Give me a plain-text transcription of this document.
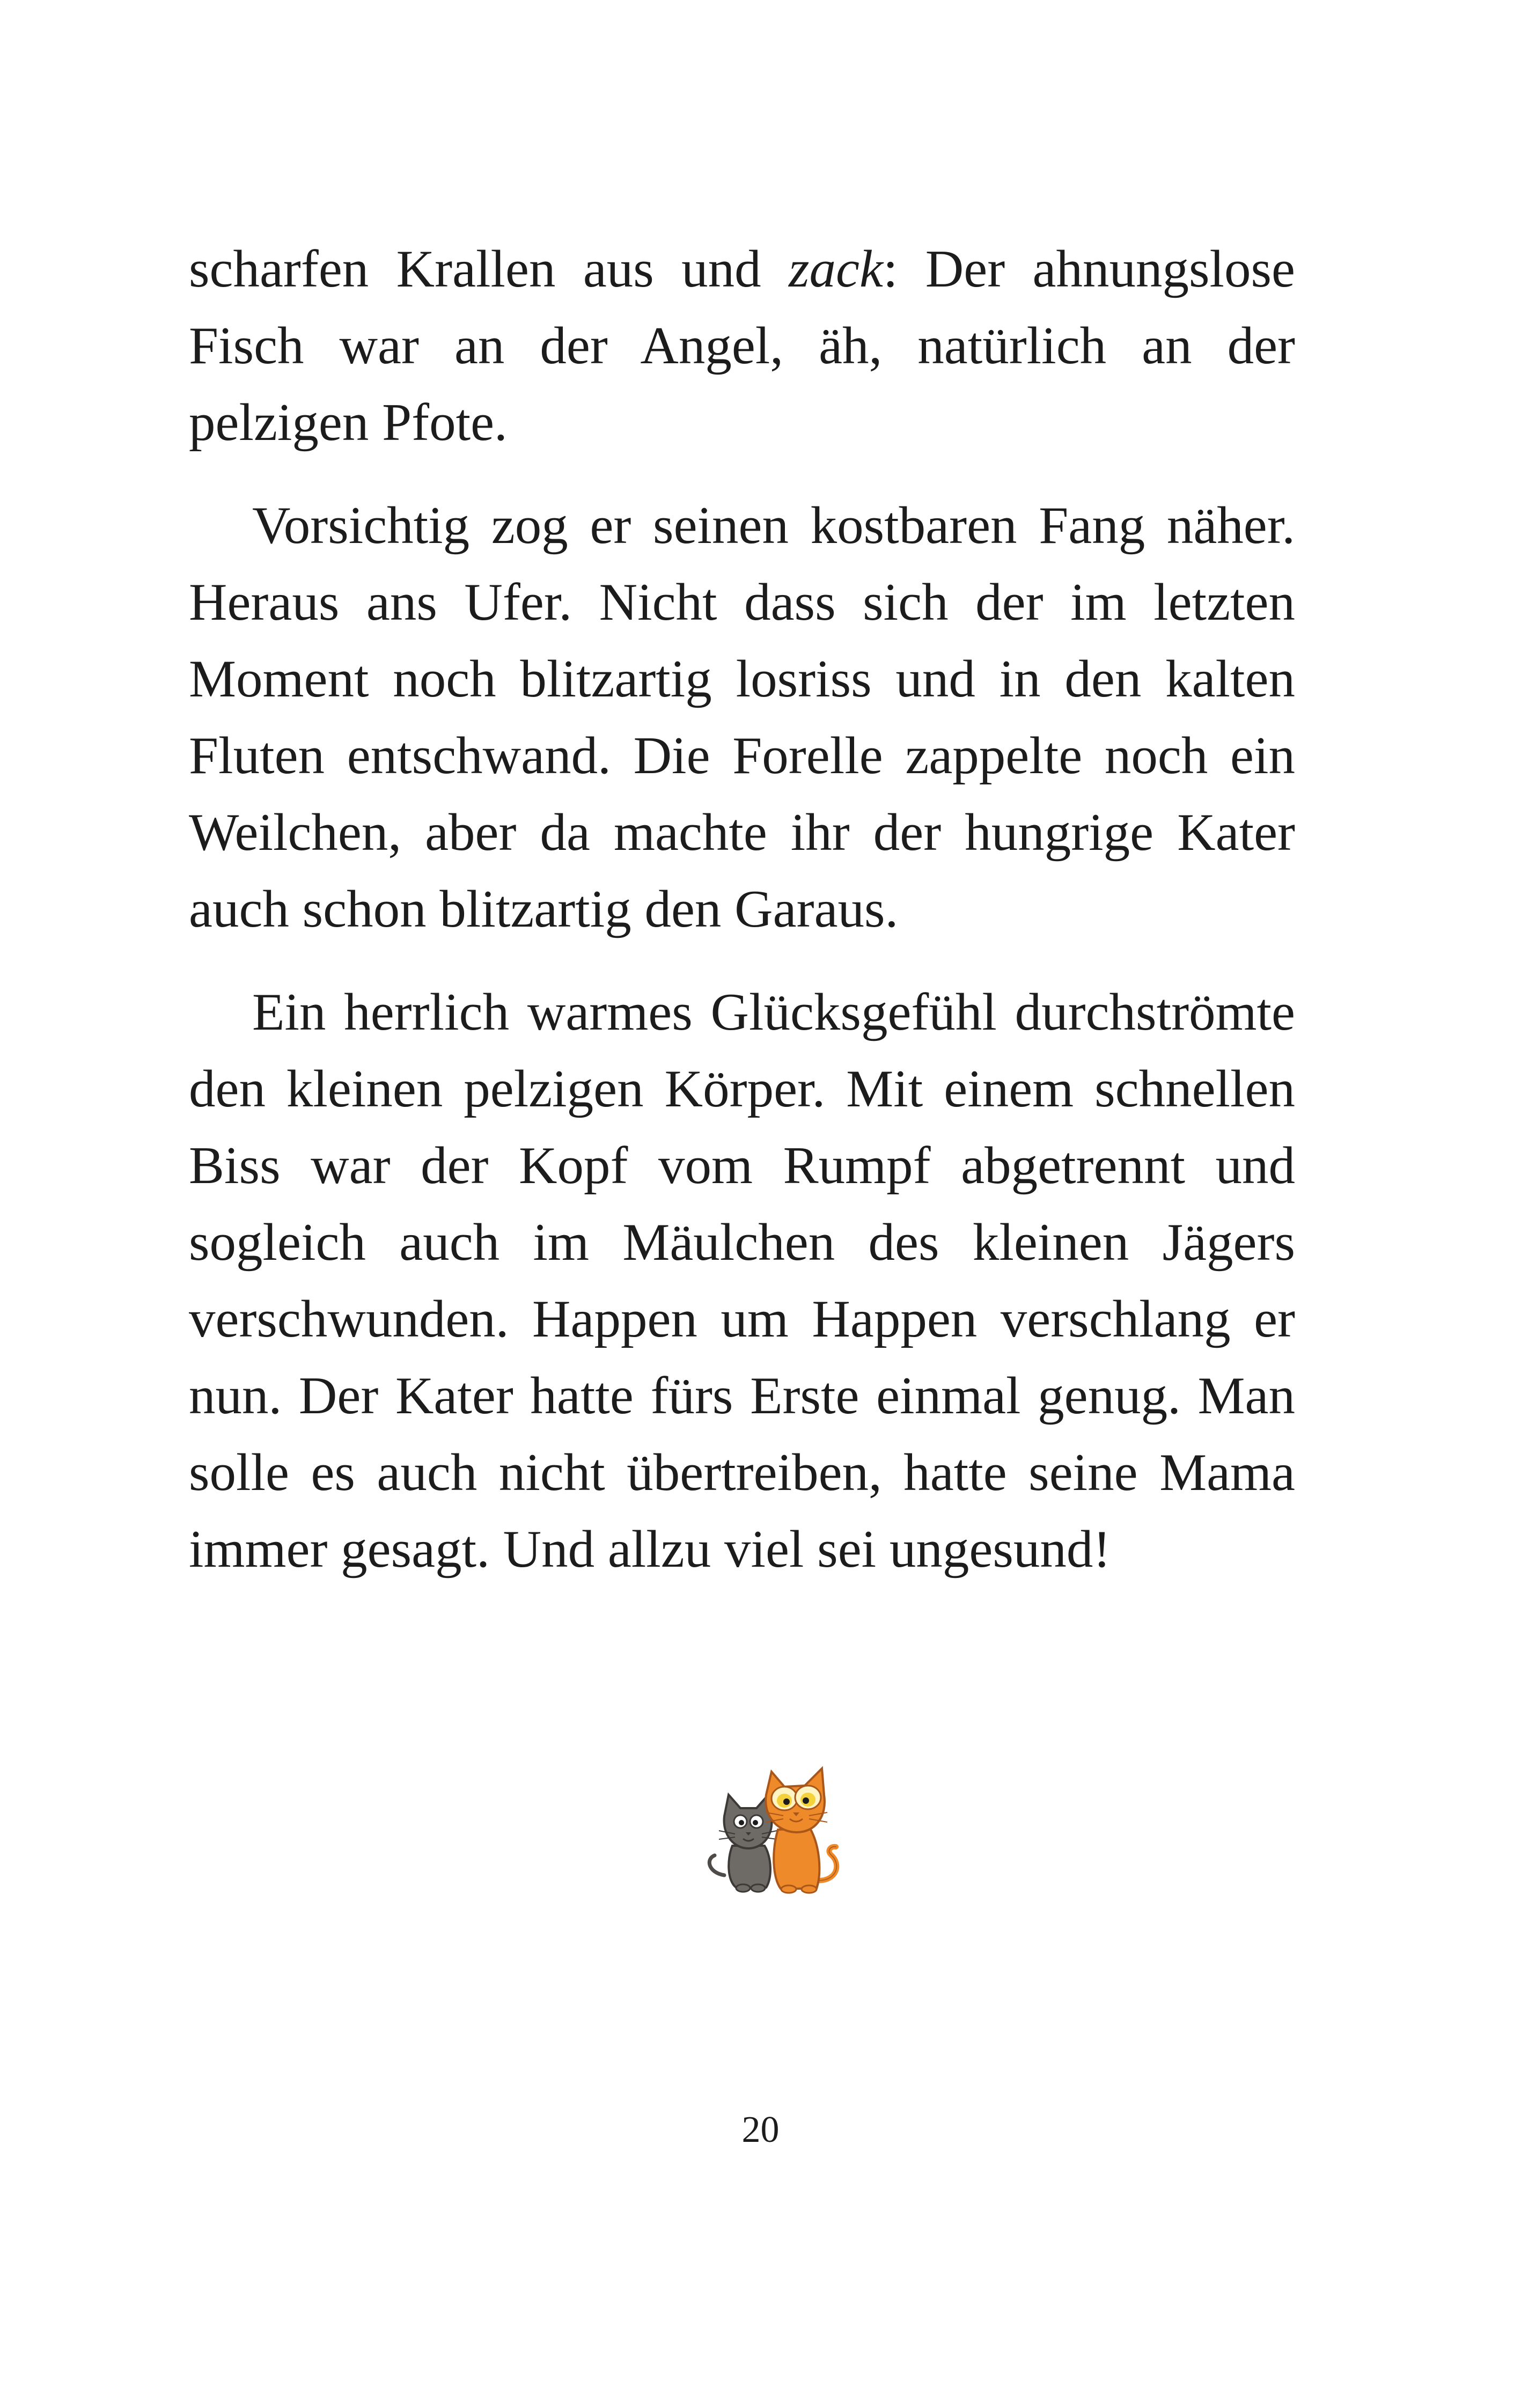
scharfen Krallen aus und zack: Der ahnungslose Fisch war an der Angel, äh, natürlich an der pelzigen Pfote.

Vorsichtig zog er seinen kostbaren Fang näher. Heraus ans Ufer. Nicht dass sich der im letzten Moment noch blitzartig losriss und in den kalten Fluten entschwand. Die Forelle zappelte noch ein Weilchen, aber da machte ihr der hungrige Kater auch schon blitzartig den Garaus.

Ein herrlich warmes Glücksgefühl durchströmte den kleinen pelzigen Körper. Mit einem schnellen Biss war der Kopf vom Rumpf abgetrennt und sogleich auch im Mäulchen des kleinen Jägers verschwunden. Happen um Happen verschlang er nun. Der Kater hatte fürs Erste einmal genug. Man solle es auch nicht übertreiben, hatte seine Mama immer gesagt. Und allzu viel sei ungesund!

20
